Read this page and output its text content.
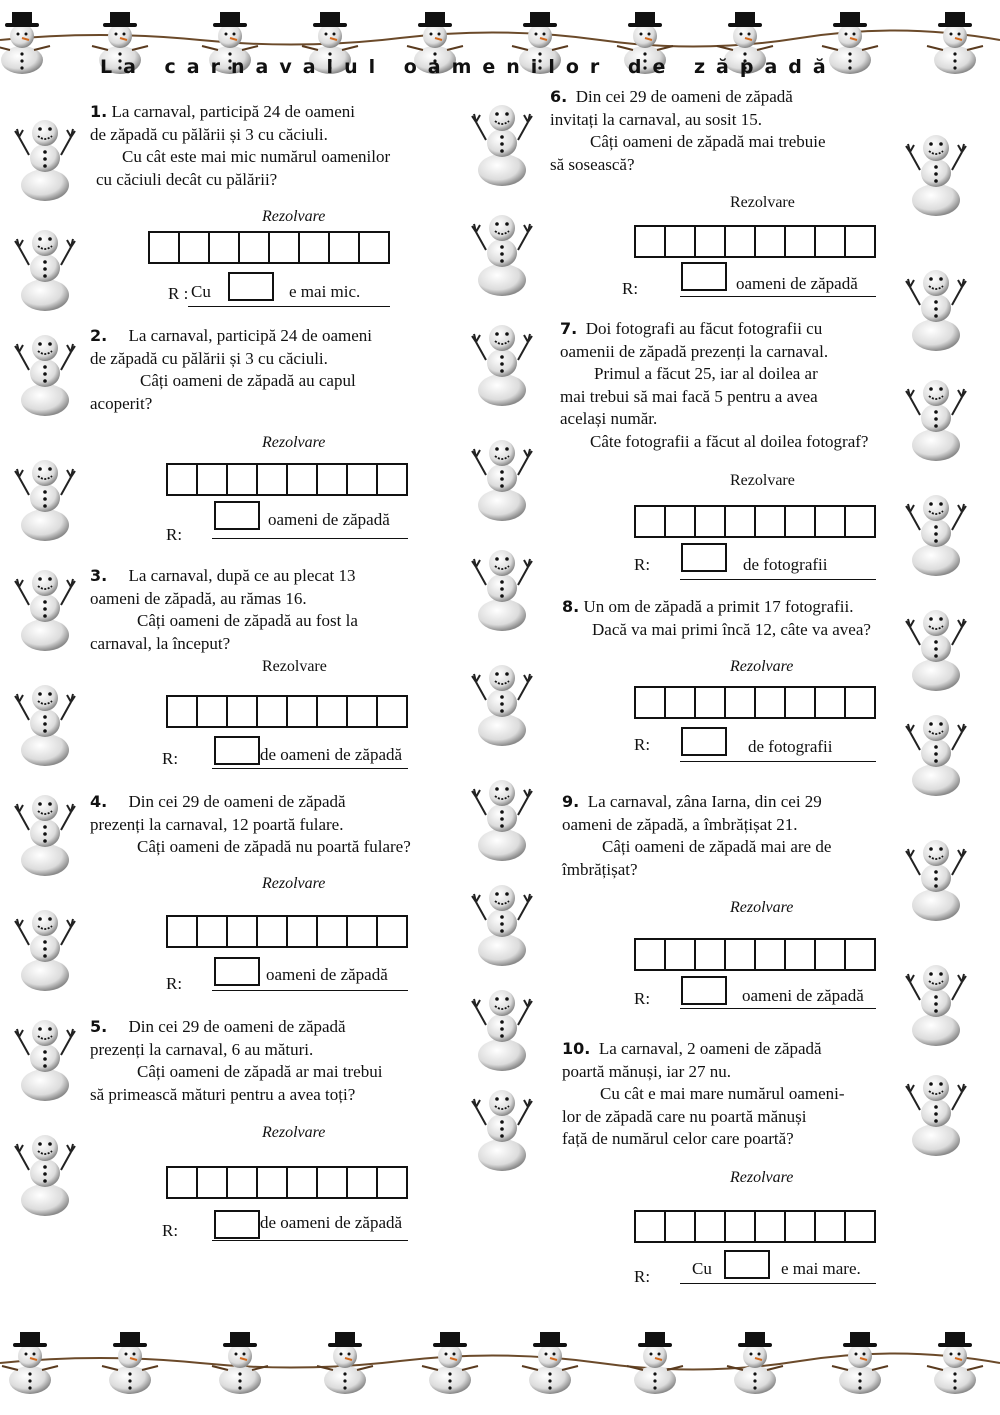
La carnavalul oamenilor de zăpadă

1. La carnaval, participă 24 de oameni

de zăpadă cu pălării și 3 cu căciuli.

Cu cât este mai mic numărul oamenilor

cu căciuli decât cu pălării?

Rezolvare
R : Cu	e mai mic.

2. La carnaval, participă 24 de oameni

de zăpadă cu pălării și 3 cu căciuli.

Câți oameni de zăpadă au capul

acoperit?

Rezolvare
R:
oameni de zăpadă

3. La carnaval, după ce au plecat 13

oameni de zăpadă, au rămas 16.

Câți oameni de zăpadă au fost la

carnaval, la început?

Rezolvare
R:	de oameni de zăpadă

4. Din cei 29 de oameni de zăpadă

prezenți la carnaval, 12 poartă fulare.

Câți oameni de zăpadă nu poartă fulare?

Rezolvare
R:	oameni de zăpadă

5. Din cei 29 de oameni de zăpadă

prezenți la carnaval, 6 au mături.

Câți oameni de zăpadă ar mai trebui

să primească mături pentru a avea toți?

Rezolvare
R:	de oameni de zăpadă

6. Din cei 29 de oameni de zăpadă

invitați la carnaval, au sosit 15.

Câți oameni de zăpadă mai trebuie

să sosească?

Rezolvare
R:	oameni de zăpadă

7. Doi fotografi au făcut fotografii cu

oamenii de zăpadă prezenți la carnaval.

Primul a făcut 25, iar al doilea ar

mai trebui să mai facă 5 pentru a avea

același număr.

Câte fotografii a făcut al doilea fotograf?

Rezolvare
R:	de fotografii

8. Un om de zăpadă a primit 17 fotografii.

Dacă va mai primi încă 12, câte va avea?

Rezolvare
R:	de fotografii

9. La carnaval, zâna Iarna, din cei 29

oameni de zăpadă, a îmbrățișat 21.

Câți oameni de zăpadă mai are de

îmbrățișat?

Rezolvare
R:	oameni de zăpadă

10. La carnaval, 2 oameni de zăpadă

poartă mănuși, iar 27 nu.

Cu cât e mai mare numărul oameni-

lor de zăpadă care nu poartă mănuși

față de numărul celor care poartă?

Rezolvare
R: Cu	e mai mare.
